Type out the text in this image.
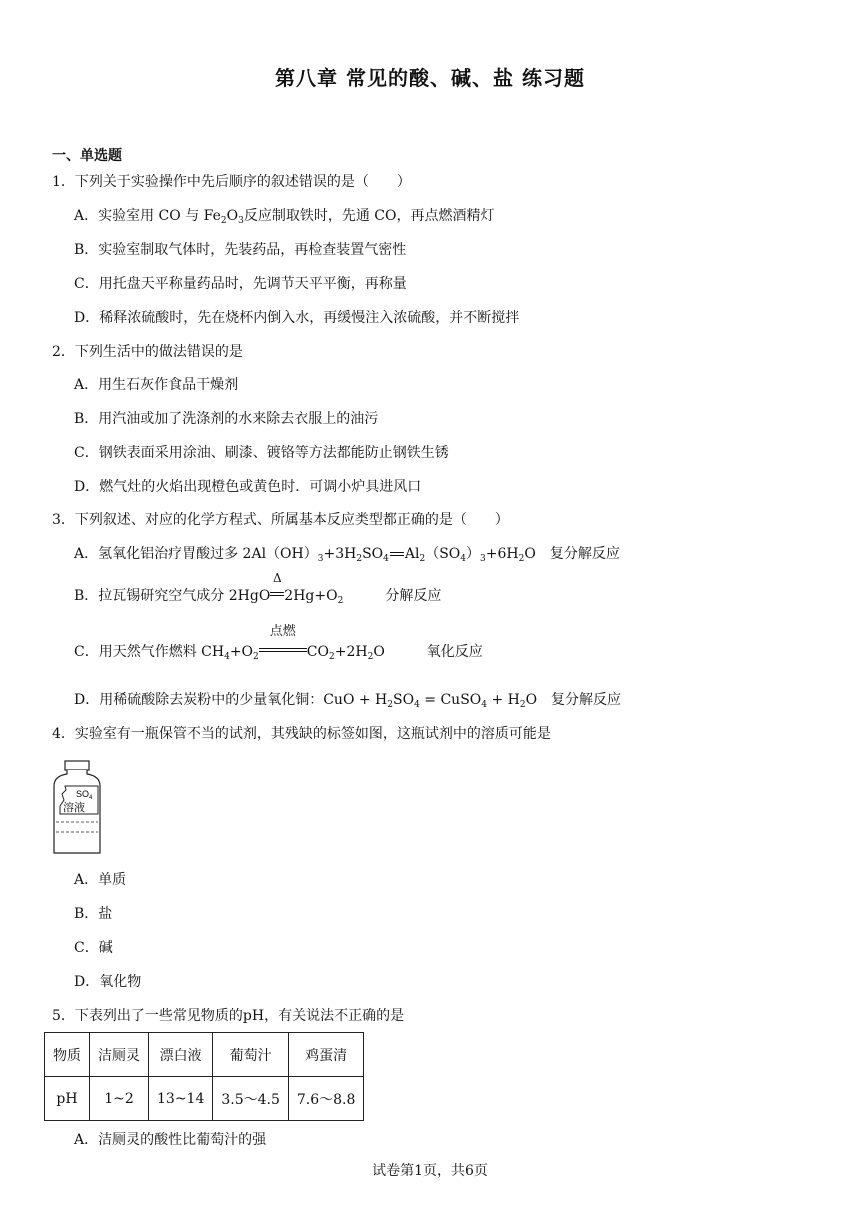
第八章 常见的酸、碱、盐 练习题
一、单选题
1．下列关于实验操作中先后顺序的叙述错误的是（　　）
A．实验室用 CO 与 $Fe_2O_3$反应制取铁时，先通 CO，再点燃酒精灯
B．实验室制取气体时，先装药品，再检查装置气密性
C．用托盘天平称量药品时，先调节天平平衡，再称量
D．稀释浓硫酸时，先在烧杯内倒入水，再缓慢注入浓硫酸，并不断搅拌
2．下列生活中的做法错误的是
A．用生石灰作食品干燥剂
B．用汽油或加了洗涤剂的水来除去衣服上的油污
C．钢铁表面采用涂油、刷漆、镀铬等方法都能防止钢铁生锈
D．燃气灶的火焰出现橙色或黄色时．可调小炉具进风口
3．下列叙述、对应的化学方程式、所属基本反应类型都正确的是（　　）
A．氢氧化铝治疗胃酸过多 $2Al(OH)_3+3H_2SO_4$ $Al_2(SO_4)_3+6H_2O$　复分解反应
B．拉瓦锡研究空气成分 2HgO
Δ
$2Hg+O_2$　　　分解反应
C．用天然气作燃料 $CH_4+O_2$
点燃
$CO_2+2H_2O$　　　氧化反应
D．用稀硫酸除去炭粉中的少量氧化铜：CuO + $H_2SO_4$ = CuSO$_4$ + $H_2O$　复分解反应
4．实验室有一瓶保管不当的试剂，其残缺的标签如图，这瓶试剂中的溶质可能是
$SO_4$
溶液
A．单质
B．盐
C．碱
D．氧化物
5．下表列出了一些常见物质的pH，有关说法不正确的是
物质	洁厕灵	漂白液	葡萄汁	鸡蛋清
pH	1~2	13~14	3.5～4.5	7.6～8.8
A．洁厕灵的酸性比葡萄汁的强
试卷第1页，共6页
